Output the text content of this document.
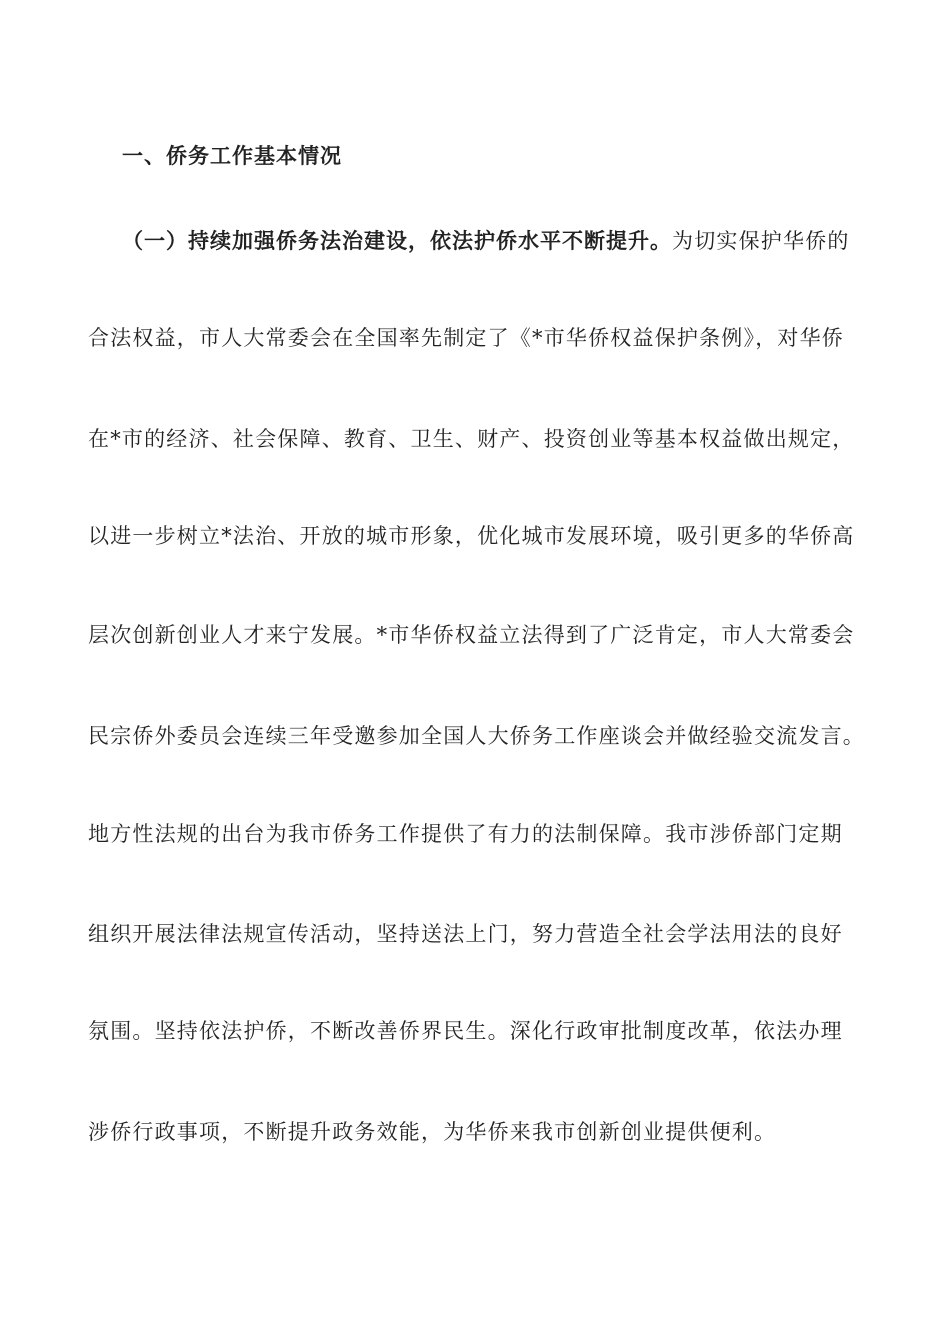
一、侨务工作基本情况
（一）持续加强侨务法治建设，依法护侨水平不断提升。为切实保护华侨的
合法权益，市人大常委会在全国率先制定了《*市华侨权益保护条例》，对华侨
在*市的经济、社会保障、教育、卫生、财产、投资创业等基本权益做出规定，
以进一步树立*法治、开放的城市形象，优化城市发展环境，吸引更多的华侨高
层次创新创业人才来宁发展。*市华侨权益立法得到了广泛肯定，市人大常委会
民宗侨外委员会连续三年受邀参加全国人大侨务工作座谈会并做经验交流发言。
地方性法规的出台为我市侨务工作提供了有力的法制保障。我市涉侨部门定期
组织开展法律法规宣传活动，坚持送法上门，努力营造全社会学法用法的良好
氛围。坚持依法护侨，不断改善侨界民生。深化行政审批制度改革，依法办理
涉侨行政事项，不断提升政务效能，为华侨来我市创新创业提供便利。
